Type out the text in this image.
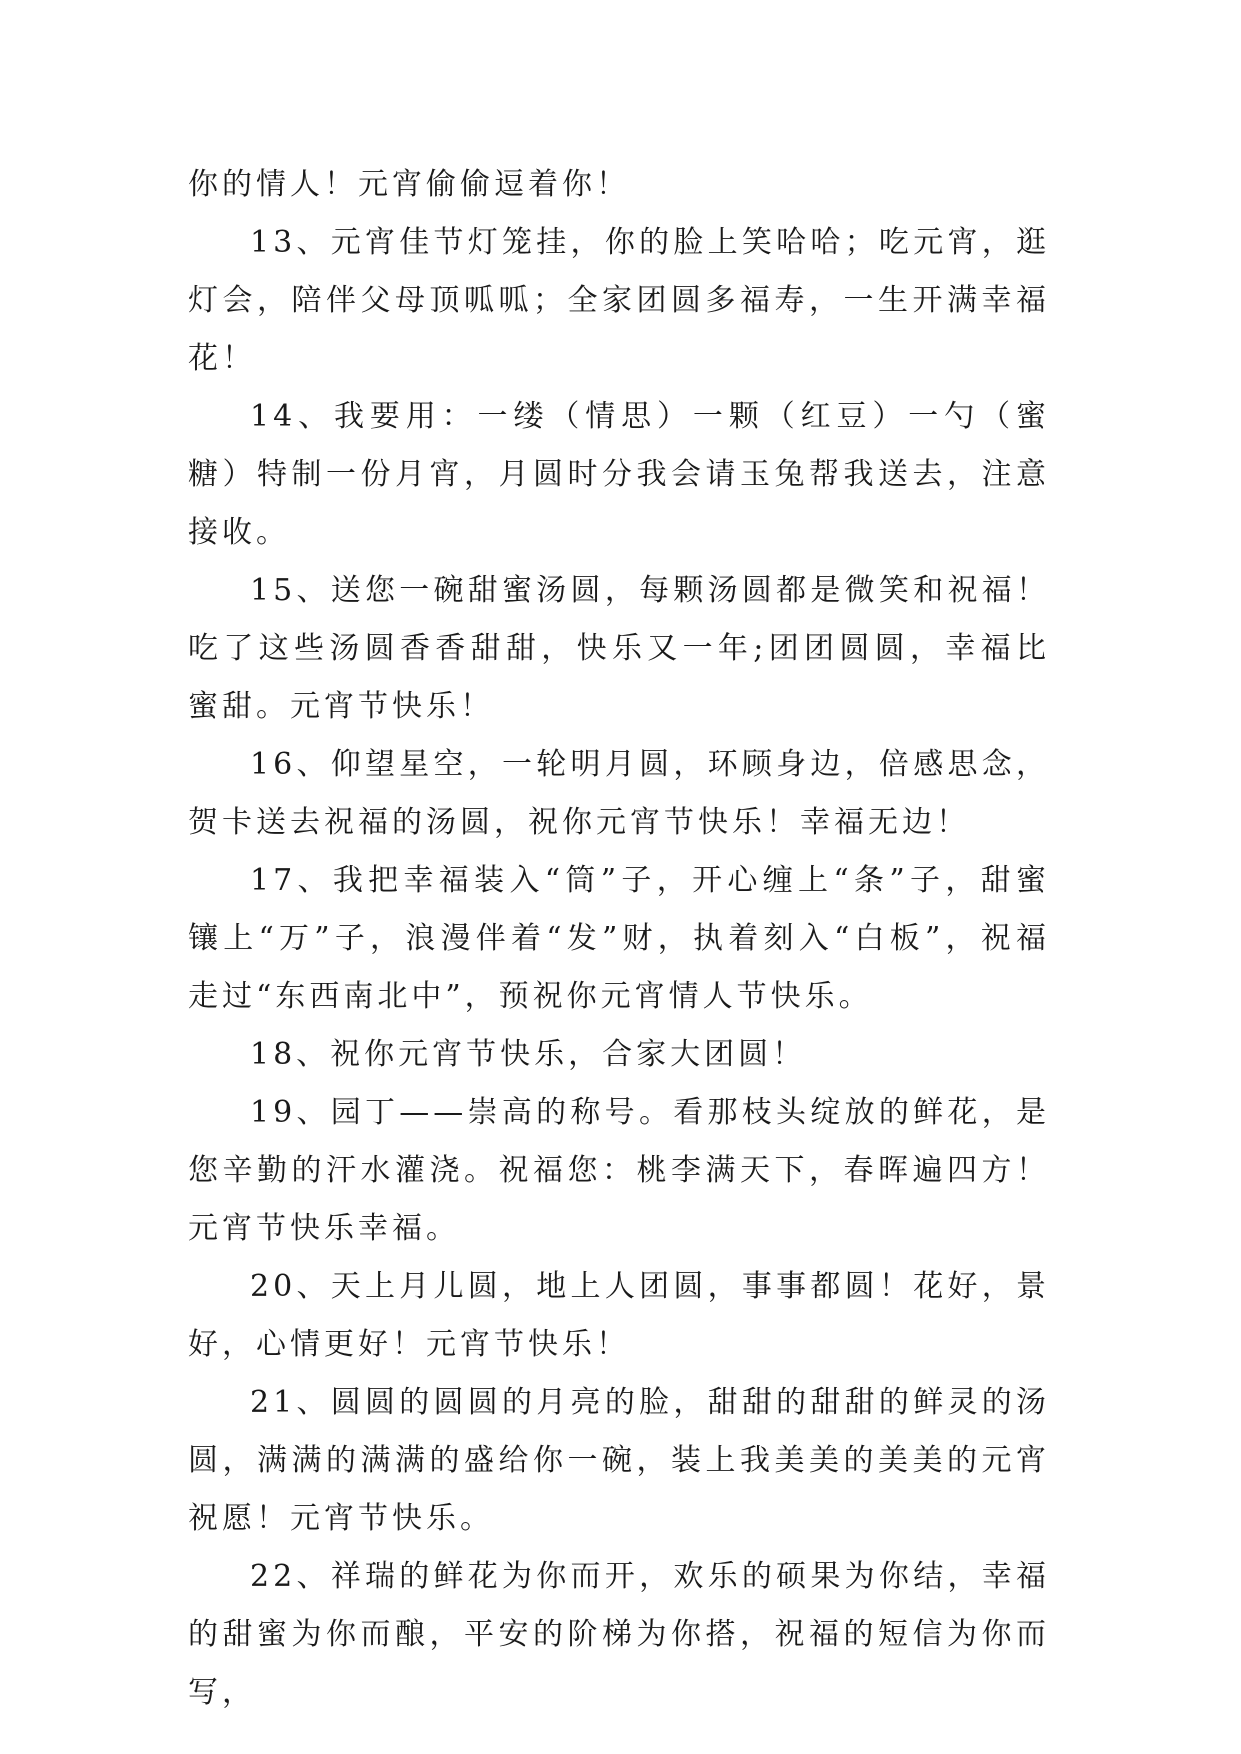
你的情人！元宵偷偷逗着你！

13、元宵佳节灯笼挂，你的脸上笑哈哈；吃元宵，逛灯会，陪伴父母顶呱呱；全家团圆多福寿，一生开满幸福花！

14、我要用：一缕（情思）一颗（红豆）一勺（蜜糖）特制一份月宵，月圆时分我会请玉兔帮我送去，注意接收。

15、送您一碗甜蜜汤圆，每颗汤圆都是微笑和祝福！吃了这些汤圆香香甜甜，快乐又一年;团团圆圆，幸福比蜜甜。元宵节快乐！

16、仰望星空，一轮明月圆，环顾身边，倍感思念，贺卡送去祝福的汤圆，祝你元宵节快乐！幸福无边！

17、我把幸福装入“筒”子，开心缠上“条”子，甜蜜镶上“万”子，浪漫伴着“发”财，执着刻入“白板”，祝福走过“东西南北中”，预祝你元宵情人节快乐。

18、祝你元宵节快乐，合家大团圆！

19、园丁——崇高的称号。看那枝头绽放的鲜花，是您辛勤的汗水灌浇。祝福您：桃李满天下，春晖遍四方！元宵节快乐幸福。

20、天上月儿圆，地上人团圆，事事都圆！花好，景好，心情更好！元宵节快乐！

21、圆圆的圆圆的月亮的脸，甜甜的甜甜的鲜灵的汤圆，满满的满满的盛给你一碗，装上我美美的美美的元宵祝愿！元宵节快乐。

22、祥瑞的鲜花为你而开，欢乐的硕果为你结，幸福的甜蜜为你而酿，平安的阶梯为你搭，祝福的短信为你而写，
